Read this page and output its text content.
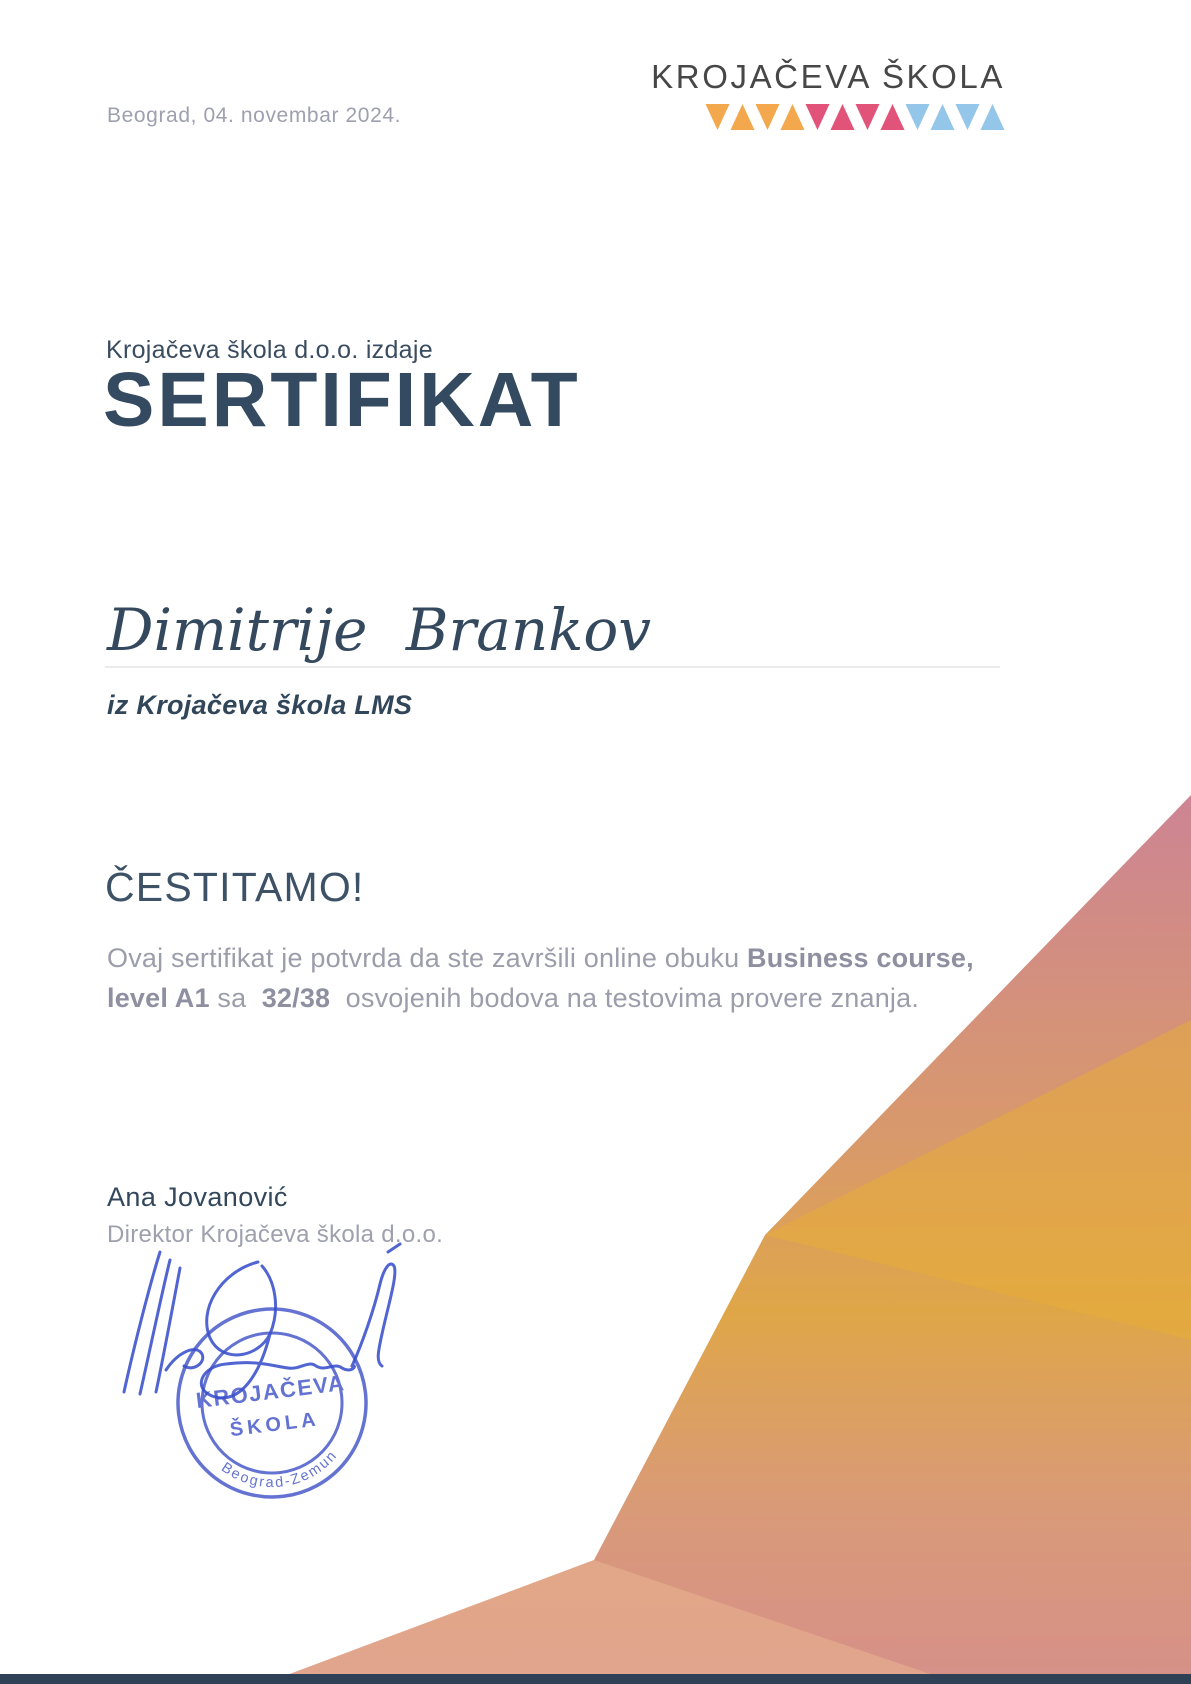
Beograd, 04. novembar 2024.
KROJAČEVA ŠKOLA
Krojačeva škola d.o.o. izdaje
SERTIFIKAT
Dimitrije Brankov
iz Krojačeva škola LMS
ČESTITAMO!
Ovaj sertifikat je potvrda da ste završili online obuku Business course, level A1 sa  32/38  osvojenih bodova na testovima provere znanja.
Ana Jovanović
Direktor Krojačeva škola d.o.o.
KROJAČEVA
ŠKOLA
Beograd-Zemun
